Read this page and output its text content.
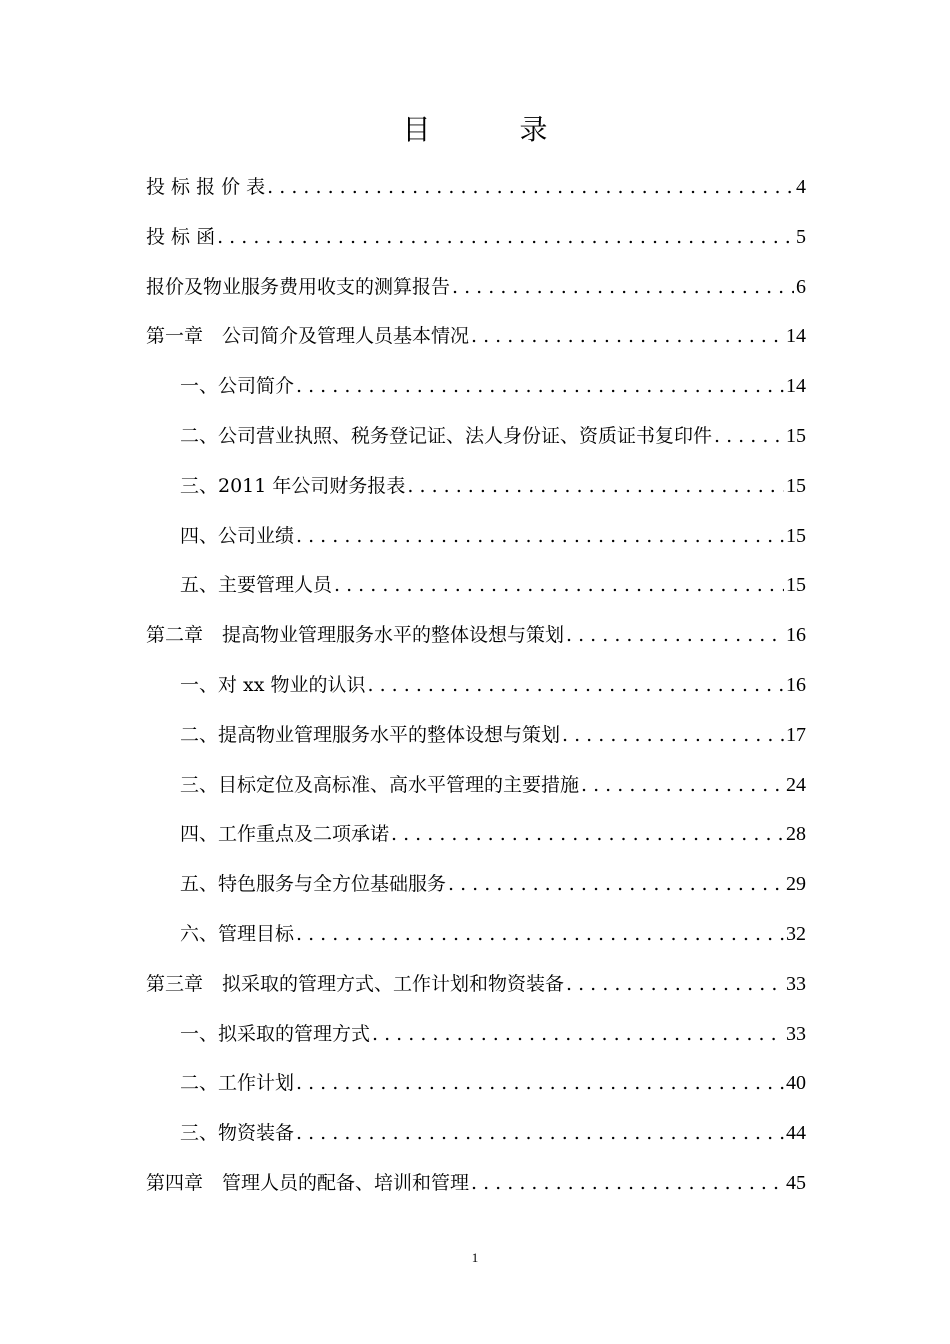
目 录
投 标 报 价 表 . . .	4
投 标 函 . . .	5
报价及物业服务费用收支的测算报告 . . .	6
第一章　公司简介及管理人员基本情况 . . .	14
一、公司简介 . . .	14
二、公司营业执照、税务登记证、法人身份证、资质证书复印件 . . .	15
三、2011 年公司财务报表 . . .	15
四、公司业绩 . . .	15
五、主要管理人员 . . .	15
第二章　提高物业管理服务水平的整体设想与策划 . . .	16
一、对 xx 物业的认识 . . .	16
二、提高物业管理服务水平的整体设想与策划 . . .	17
三、目标定位及高标准、高水平管理的主要措施 . . .	24
四、工作重点及二项承诺 . . .	28
五、特色服务与全方位基础服务 . . .	29
六、管理目标 . . .	32
第三章　拟采取的管理方式、工作计划和物资装备 . . .	33
一、拟采取的管理方式 . . .	33
二、工作计划 . . .	40
三、物资装备 . . .	44
第四章　管理人员的配备、培训和管理 . . .	45
1
